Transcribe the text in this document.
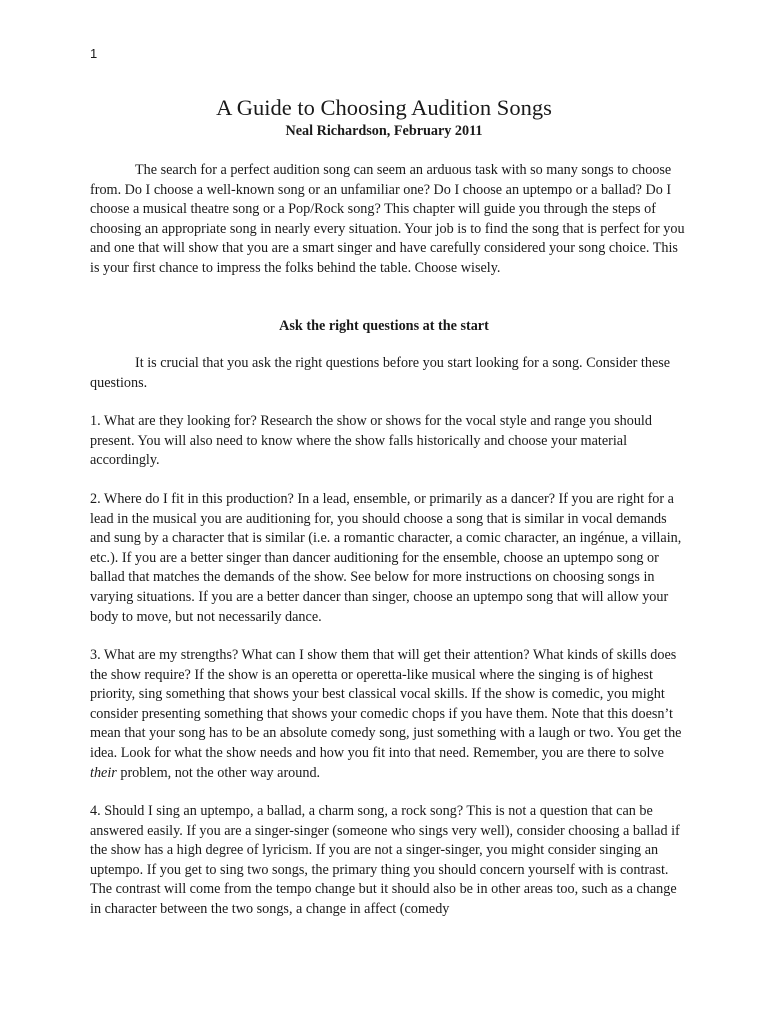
1
A Guide to Choosing Audition Songs

Neal Richardson, February 2011

The search for a perfect audition song can seem an arduous task with so many songs to choose from. Do I choose a well-known song or an unfamiliar one? Do I choose an uptempo or a ballad? Do I choose a musical theatre song or a Pop/Rock song? This chapter will guide you through the steps of choosing an appropriate song in nearly every situation. Your job is to find the song that is perfect for you and one that will show that you are a smart singer and have carefully considered your song choice. This is your first chance to impress the folks behind the table. Choose wisely.

Ask the right questions at the start

It is crucial that you ask the right questions before you start looking for a song. Consider these questions.

1. What are they looking for? Research the show or shows for the vocal style and range you should present. You will also need to know where the show falls historically and choose your material accordingly.

2. Where do I fit in this production? In a lead, ensemble, or primarily as a dancer? If you are right for a lead in the musical you are auditioning for, you should choose a song that is similar in vocal demands and sung by a character that is similar (i.e. a romantic character, a comic character, an ingénue, a villain, etc.). If you are a better singer than dancer auditioning for the ensemble, choose an uptempo song or ballad that matches the demands of the show. See below for more instructions on choosing songs in varying situations. If you are a better dancer than singer, choose an uptempo song that will allow your body to move, but not necessarily dance.

3. What are my strengths? What can I show them that will get their attention? What kinds of skills does the show require? If the show is an operetta or operetta-like musical where the singing is of highest priority, sing something that shows your best classical vocal skills. If the show is comedic, you might consider presenting something that shows your comedic chops if you have them. Note that this doesn’t mean that your song has to be an absolute comedy song, just something with a laugh or two. You get the idea. Look for what the show needs and how you fit into that need. Remember, you are there to solve their problem, not the other way around.

4. Should I sing an uptempo, a ballad, a charm song, a rock song? This is not a question that can be answered easily. If you are a singer-singer (someone who sings very well), consider choosing a ballad if the show has a high degree of lyricism. If you are not a singer-singer, you might consider singing an uptempo. If you get to sing two songs, the primary thing you should concern yourself with is contrast. The contrast will come from the tempo change but it should also be in other areas too, such as a change in character between the two songs, a change in affect (comedy
